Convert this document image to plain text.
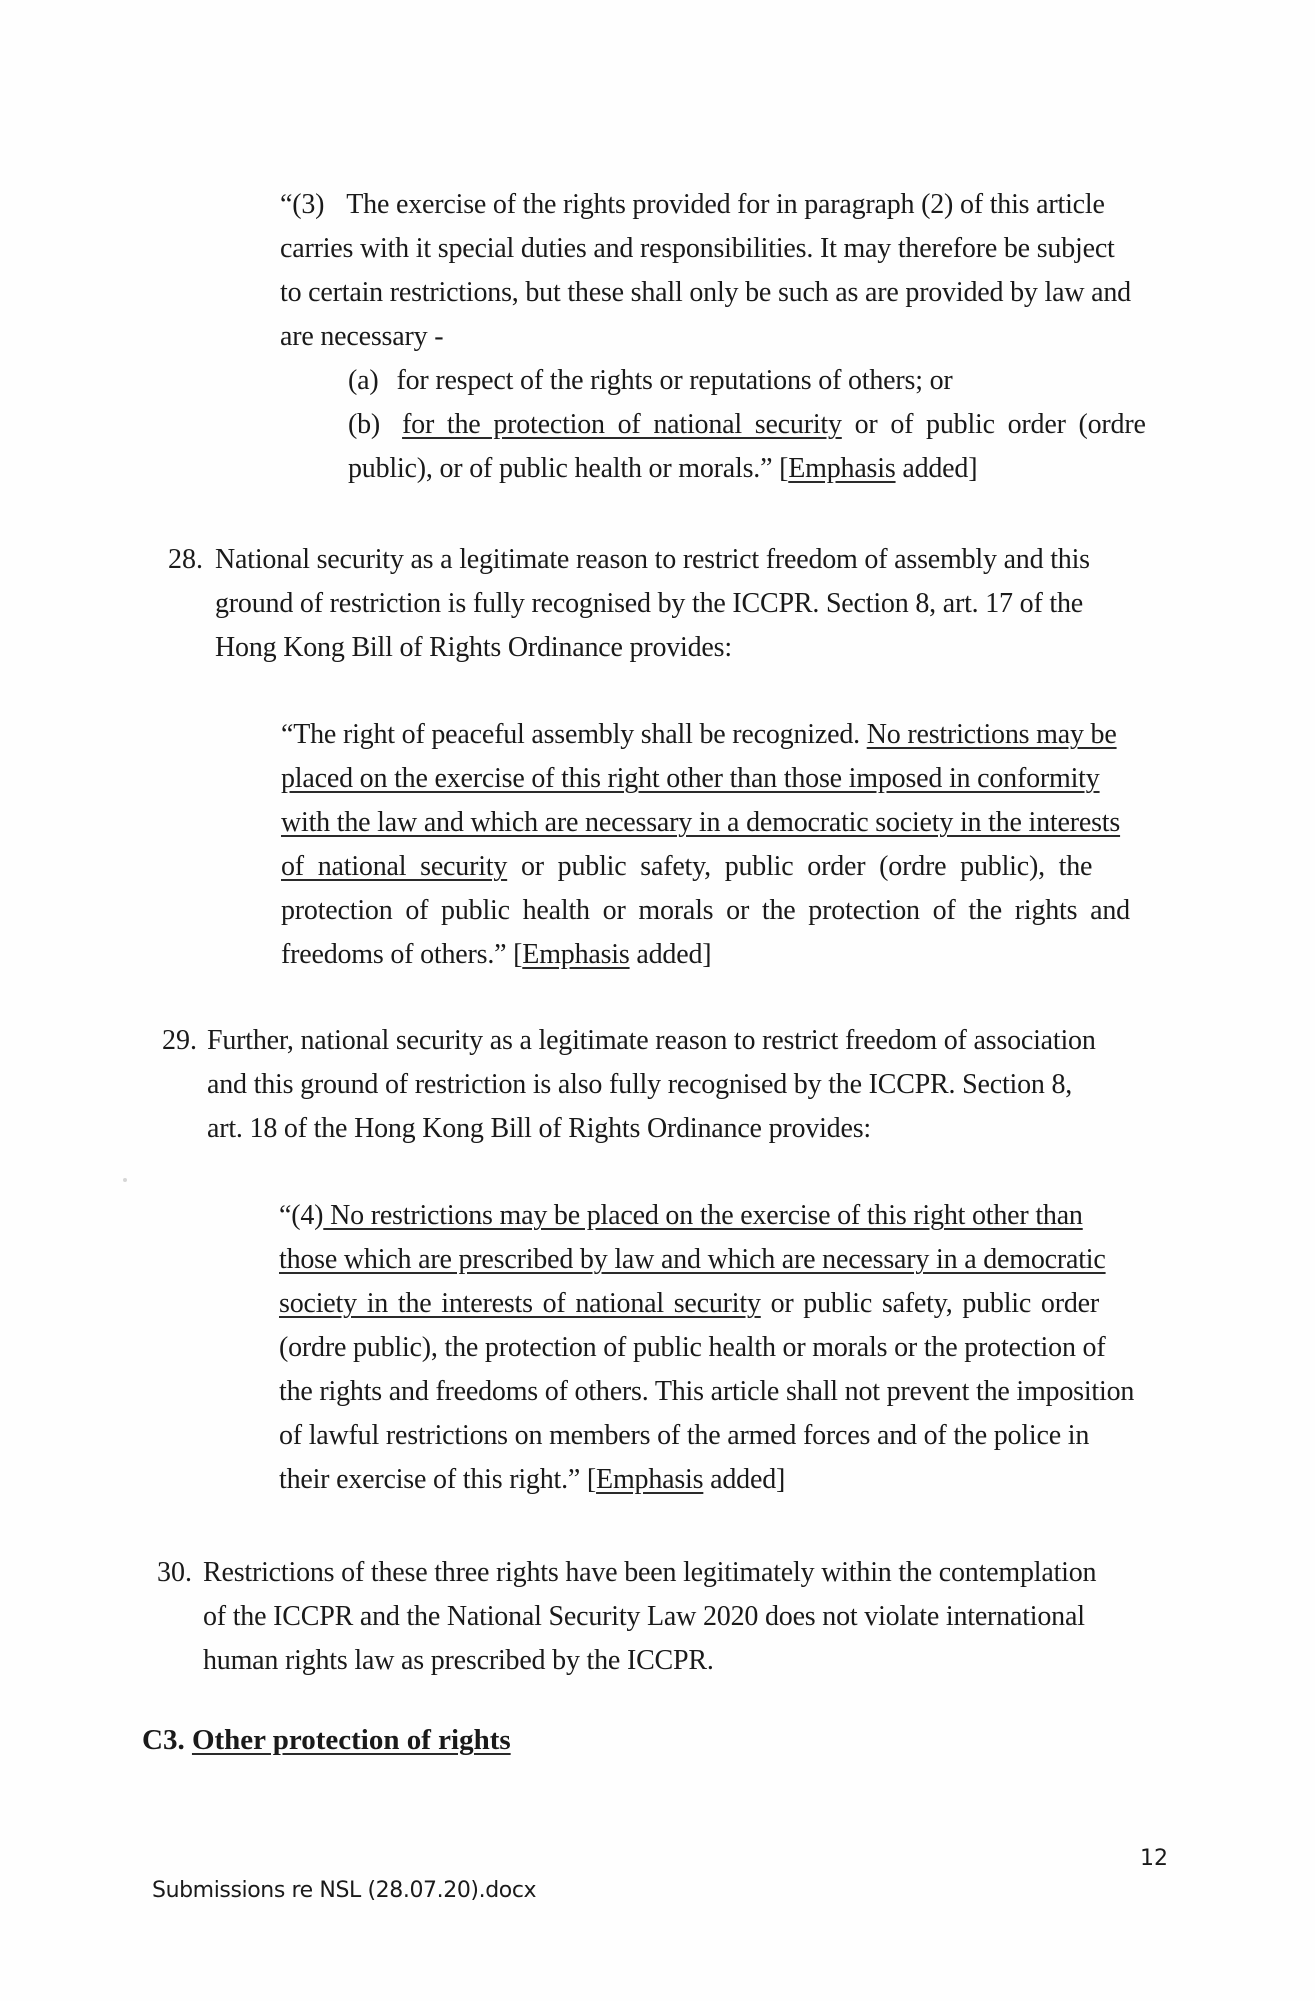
“(3) The exercise of the rights provided for in paragraph (2) of this article
carries with it special duties and responsibilities. It may therefore be subject
to certain restrictions, but these shall only be such as are provided by law and
are necessary -
(a) for respect of the rights or reputations of others; or
(b) for the protection of national security or of public order (ordre
public), or of public health or morals.” [Emphasis added]
28. National security as a legitimate reason to restrict freedom of assembly and this
ground of restriction is fully recognised by the ICCPR. Section 8, art. 17 of the
Hong Kong Bill of Rights Ordinance provides:
“The right of peaceful assembly shall be recognized. No restrictions may be
placed on the exercise of this right other than those imposed in conformity
with the law and which are necessary in a democratic society in the interests
of national security or public safety, public order (ordre public), the
protection of public health or morals or the protection of the rights and
freedoms of others.” [Emphasis added]
29. Further, national security as a legitimate reason to restrict freedom of association
and this ground of restriction is also fully recognised by the ICCPR. Section 8,
art. 18 of the Hong Kong Bill of Rights Ordinance provides:
“(4) No restrictions may be placed on the exercise of this right other than
those which are prescribed by law and which are necessary in a democratic
society in the interests of national security or public safety, public order
(ordre public), the protection of public health or morals or the protection of
the rights and freedoms of others. This article shall not prevent the imposition
of lawful restrictions on members of the armed forces and of the police in
their exercise of this right.” [Emphasis added]
30. Restrictions of these three rights have been legitimately within the contemplation
of the ICCPR and the National Security Law 2020 does not violate international
human rights law as prescribed by the ICCPR.
C3. Other protection of rights
12
Submissions re NSL (28.07.20).docx
